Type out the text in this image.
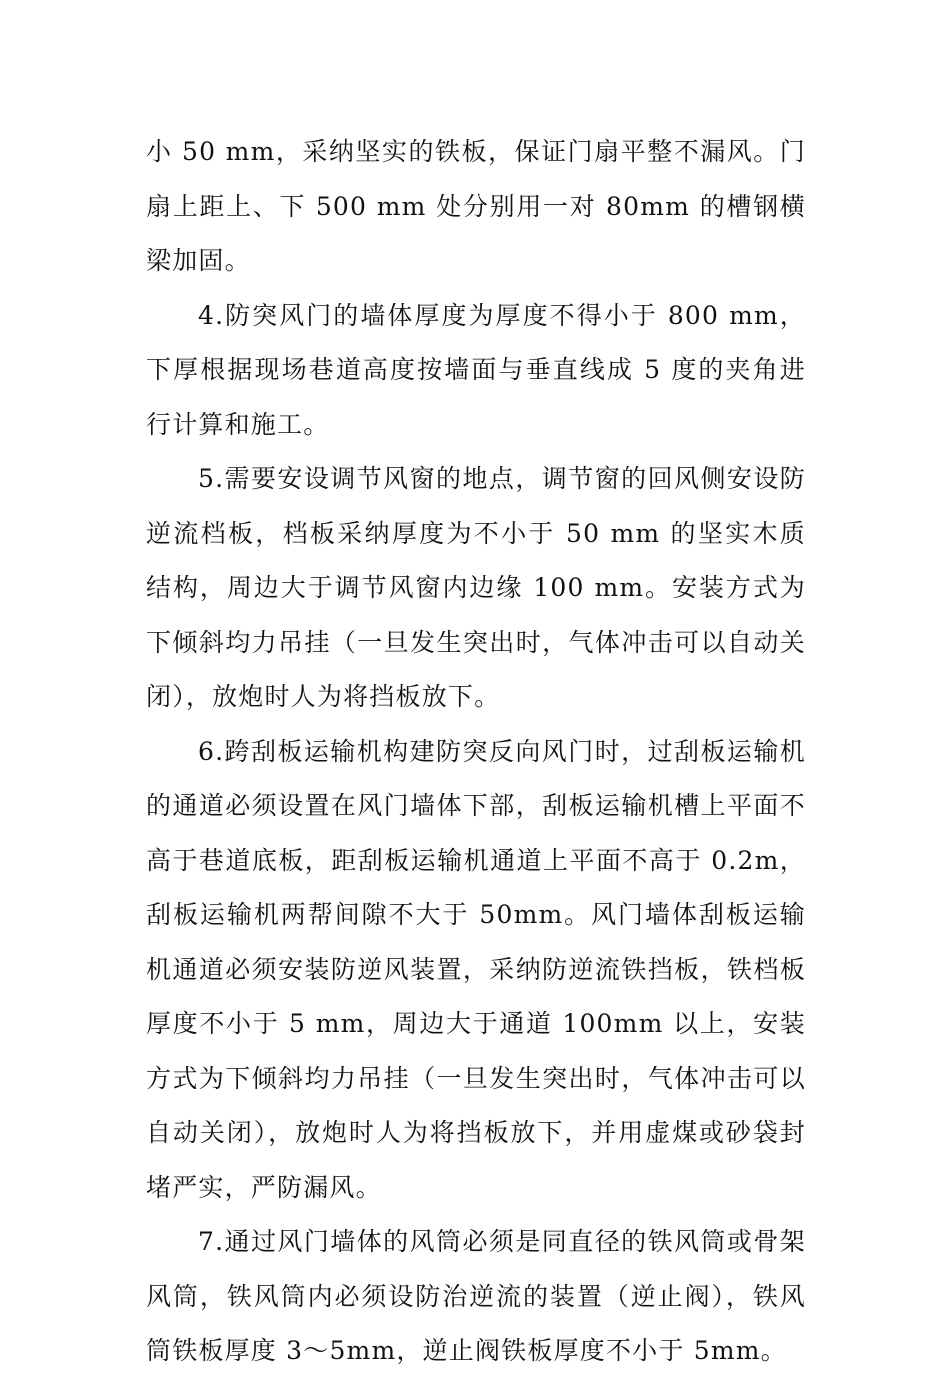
小 50 mm，采纳坚实的铁板，保证门扇平整不漏风。门扇上距上、下 500 mm 处分别用一对 80mm 的槽钢横梁加固。

4.防突风门的墙体厚度为厚度不得小于 800 mm，下厚根据现场巷道高度按墙面与垂直线成 5 度的夹角进行计算和施工。

5.需要安设调节风窗的地点，调节窗的回风侧安设防逆流档板，档板采纳厚度为不小于 50 mm 的坚实木质结构，周边大于调节风窗内边缘 100 mm。安装方式为下倾斜均力吊挂（一旦发生突出时，气体冲击可以自动关闭），放炮时人为将挡板放下。

6.跨刮板运输机构建防突反向风门时，过刮板运输机的通道必须设置在风门墙体下部，刮板运输机槽上平面不高于巷道底板，距刮板运输机通道上平面不高于 0.2m，刮板运输机两帮间隙不大于 50mm。风门墙体刮板运输机通道必须安装防逆风装置，采纳防逆流铁挡板，铁档板厚度不小于 5 mm，周边大于通道 100mm 以上，安装方式为下倾斜均力吊挂（一旦发生突出时，气体冲击可以自动关闭），放炮时人为将挡板放下，并用虚煤或砂袋封堵严实，严防漏风。

7.通过风门墙体的风筒必须是同直径的铁风筒或骨架风筒，铁风筒内必须设防治逆流的装置（逆止阀），铁风筒铁板厚度 3～5mm，逆止阀铁板厚度不小于 5mm。
